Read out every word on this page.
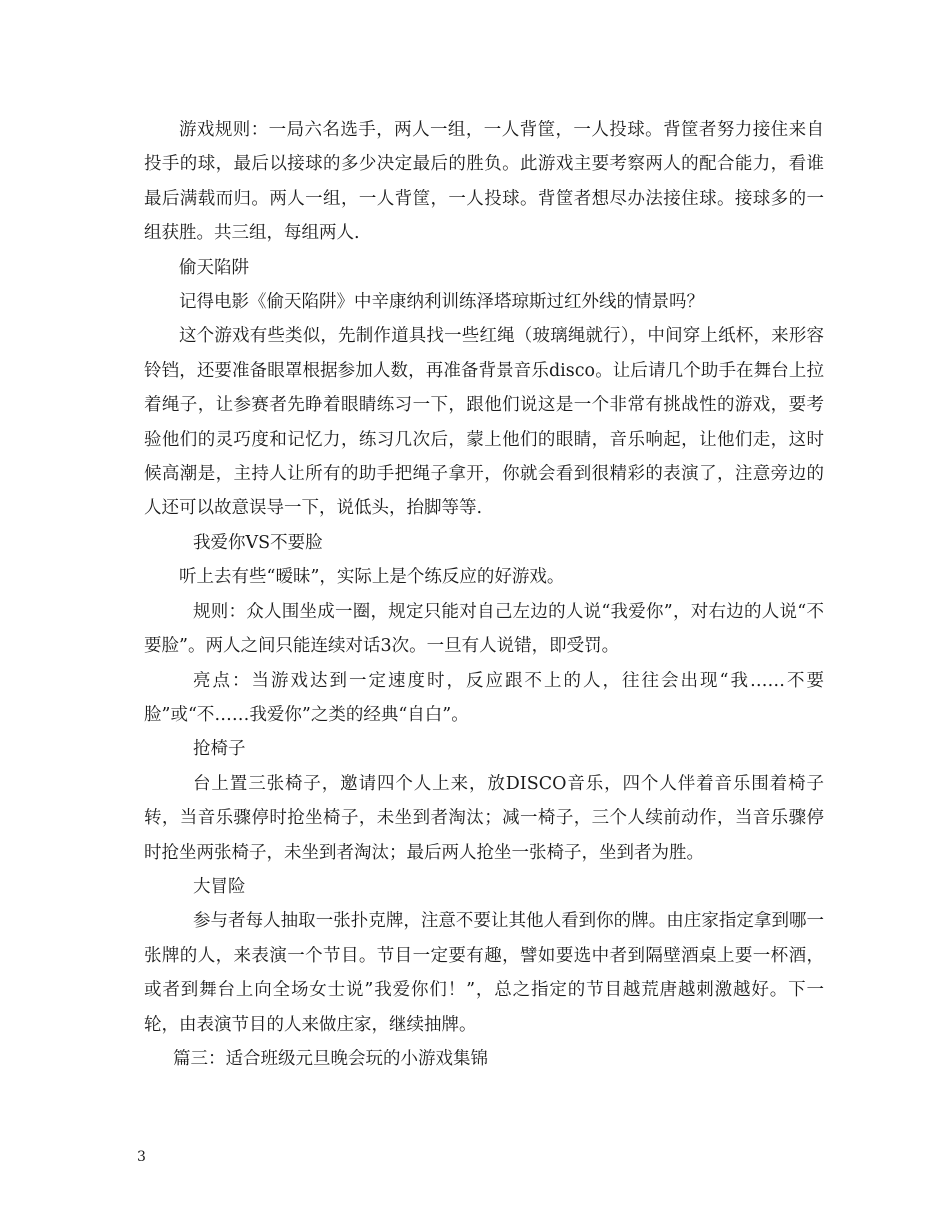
游戏规则：一局六名选手，两人一组，一人背筐，一人投球。背筐者努力接住来自投手的球，最后以接球的多少决定最后的胜负。此游戏主要考察两人的配合能力，看谁最后满载而归。两人一组，一人背筐，一人投球。背筐者想尽办法接住球。接球多的一组获胜。共三组，每组两人.

偷天陷阱

记得电影《偷天陷阱》中辛康纳利训练泽塔琼斯过红外线的情景吗？

这个游戏有些类似，先制作道具找一些红绳（玻璃绳就行），中间穿上纸杯，来形容铃铛，还要准备眼罩根据参加人数，再准备背景音乐disco。让后请几个助手在舞台上拉着绳子，让参赛者先睁着眼睛练习一下，跟他们说这是一个非常有挑战性的游戏，要考验他们的灵巧度和记忆力，练习几次后，蒙上他们的眼睛，音乐响起，让他们走，这时候高潮是，主持人让所有的助手把绳子拿开，你就会看到很精彩的表演了，注意旁边的人还可以故意误导一下，说低头，抬脚等等.

我爱你VS不要脸

听上去有些“暧昧”，实际上是个练反应的好游戏。

规则：众人围坐成一圈，规定只能对自己左边的人说“我爱你”，对右边的人说“不要脸”。两人之间只能连续对话3次。一旦有人说错，即受罚。

亮点：当游戏达到一定速度时，反应跟不上的人，往往会出现“我……不要脸”或“不……我爱你”之类的经典“自白”。

抢椅子

台上置三张椅子，邀请四个人上来，放DISCO音乐，四个人伴着音乐围着椅子转，当音乐骤停时抢坐椅子，未坐到者淘汰；减一椅子，三个人续前动作，当音乐骤停时抢坐两张椅子，未坐到者淘汰；最后两人抢坐一张椅子，坐到者为胜。

大冒险

参与者每人抽取一张扑克牌，注意不要让其他人看到你的牌。由庄家指定拿到哪一张牌的人，来表演一个节目。节目一定要有趣，譬如要选中者到隔壁酒桌上要一杯酒，或者到舞台上向全场女士说”我爱你们！”，总之指定的节目越荒唐越刺激越好。下一轮，由表演节目的人来做庄家，继续抽牌。

篇三：适合班级元旦晚会玩的小游戏集锦

3
